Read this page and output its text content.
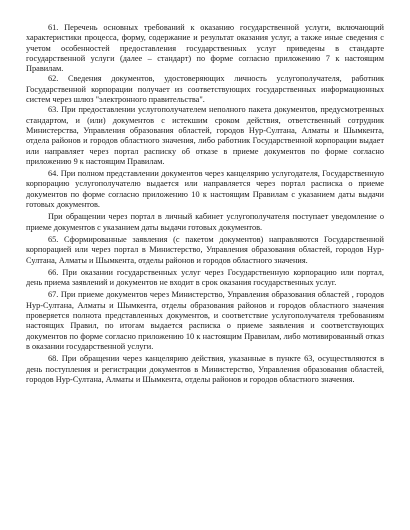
61. Перечень основных требований к оказанию государственной услуги, включающий характеристики процесса, форму, содержание и результат оказания услуг, а также иные сведения с учетом особенностей предоставления государственных услуг приведены в стандарте государственной услуги (далее – стандарт) по форме согласно приложению 7 к настоящим Правилам.

62. Сведения документов, удостоверяющих личность услугополучателя, работник Государственной корпорации получает из соответствующих государственных информационных систем через шлюз "электронного правительства".

63. При предоставлении услугополучателем неполного пакета документов, предусмотренных стандартом, и (или) документов с истекшим сроком действия, ответственный сотрудник Министерства, Управления образования областей, городов Нур-Султана, Алматы и Шымкента, отдела районов и городов областного значения, либо работник Государственной корпорации выдает или направляет через портал расписку об отказе в приеме документов по форме согласно приложению 9 к настоящим Правилам.

64. При полном представлении документов через канцелярию услугодателя, Государственную корпорацию услугополучателю выдается или направляется через портал расписка о приеме документов по форме согласно приложению 10 к настоящим Правилам с указанием даты выдачи готовых документов.

При обращении через портал в личный кабинет услугополучателя поступает уведомление о приеме документов с указанием даты выдачи готовых документов.

65. Сформированные заявления (с пакетом документов) направляются Государственной корпорацией или через портал в Министерство, Управления образования областей, городов Нур-Султана, Алматы и Шымкента, отделы районов и городов областного значения.

66. При оказании государственных услуг через Государственную корпорацию или портал, день приема заявлений и документов не входит в срок оказания государственных услуг.

67. При приеме документов через Министерство, Управления образования областей , городов Нур-Султана, Алматы и Шымкента, отделы образования районов и городов областного значения проверяется полнота представленных документов, и соответствие услугополучателя требованиям настоящих Правил, по итогам выдается расписка о приеме заявления и соответствующих документов по форме согласно приложению 10 к настоящим Правилам, либо мотивированный отказ в оказании государственной услуги.

68. При обращении через канцелярию действия, указанные в пункте 63, осуществляются в день поступления и регистрации документов в Министерство, Управления образования областей, городов Нур-Султана, Алматы и Шымкента, отделы районов и городов областного значения.
